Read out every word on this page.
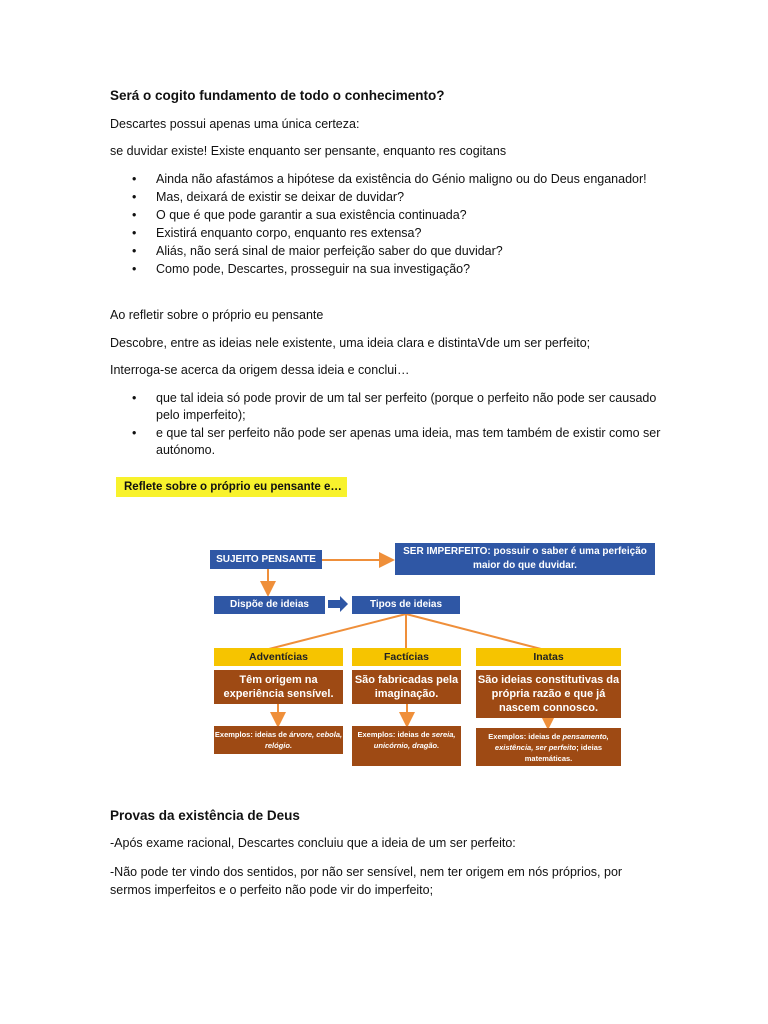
Será o cogito fundamento de todo o conhecimento?
Descartes possui apenas uma única certeza:
se duvidar existe! Existe enquanto ser pensante, enquanto res cogitans
• Ainda não afastámos a hipótese da existência do Génio maligno ou do Deus enganador!
• Mas, deixará de existir se deixar de duvidar?
• O que é que pode garantir a sua existência continuada?
• Existirá enquanto corpo, enquanto res extensa?
• Aliás, não será sinal de maior perfeição saber do que duvidar?
• Como pode, Descartes, prosseguir na sua investigação?
Ao refletir sobre o próprio eu pensante
Descobre, entre as ideias nele existente, uma ideia clara e distintaVde um ser perfeito;
Interroga-se acerca da origem dessa ideia e conclui…
• que tal ideia só pode provir de um tal ser perfeito (porque o perfeito não pode ser causado pelo imperfeito);
• e que tal ser perfeito não pode ser apenas uma ideia, mas tem também de existir como ser autónomo.
Reflete sobre o próprio eu pensante e…
SUJEITO PENSANTE
SER IMPERFEITO: possuir o saber é uma perfeição maior do que duvidar.
Dispõe de ideias	Tipos de ideias
Adventícias	Factícias	Inatas
Têm origem na experiência sensível.
São fabricadas pela imaginação.
São ideias constitutivas da própria razão e que já nascem connosco.
Exemplos: ideias de árvore, cebola, relógio.
Exemplos: ideias de sereia, unicórnio, dragão.
Exemplos: ideias de pensamento, existência, ser perfeito; ideias matemáticas.
Provas da existência de Deus
-Após exame racional, Descartes concluiu que a ideia de um ser perfeito:
-Não pode ter vindo dos sentidos, por não ser sensível, nem ter origem em nós próprios, por sermos imperfeitos e o perfeito não pode vir do imperfeito;
